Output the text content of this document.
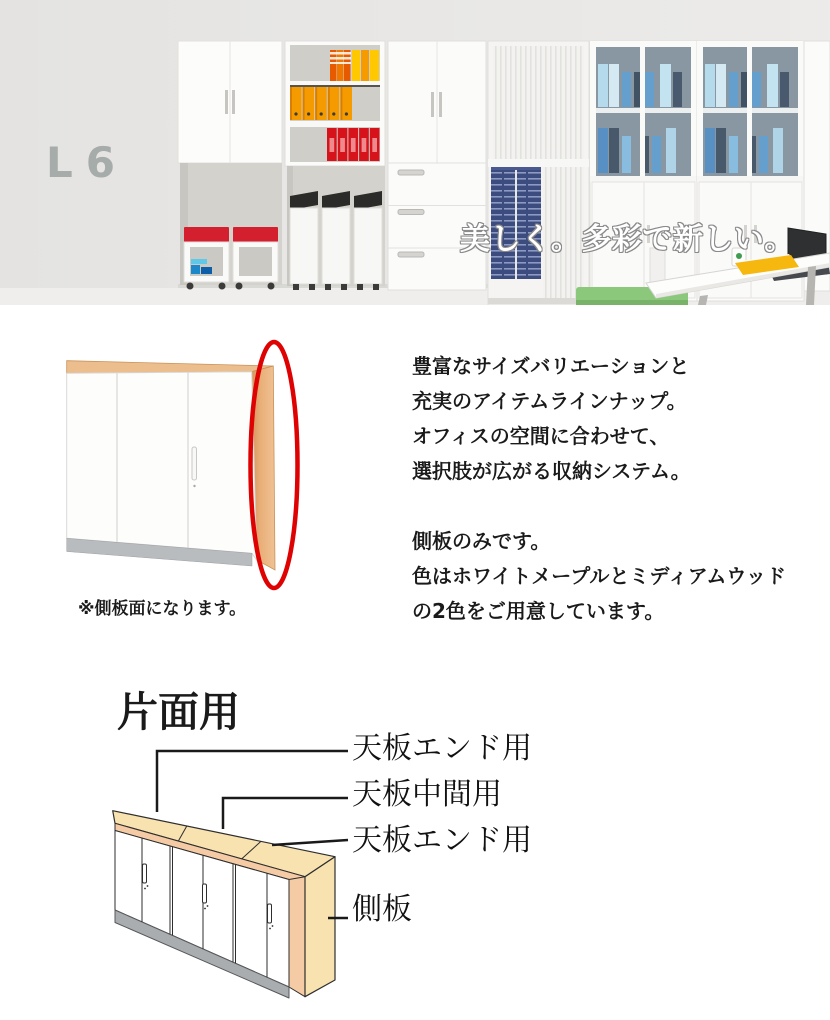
L6
美しく。多彩で新しい。
※側板面になります。
豊富なサイズバリエーションと
充実のアイテムラインナップ。
オフィスの空間に合わせて、
選択肢が広がる収納システム。
側板のみです。
色はホワイトメープルとミディアムウッド
の2色をご用意しています。
片面用
天板エンド用
天板中間用
天板エンド用
側板
